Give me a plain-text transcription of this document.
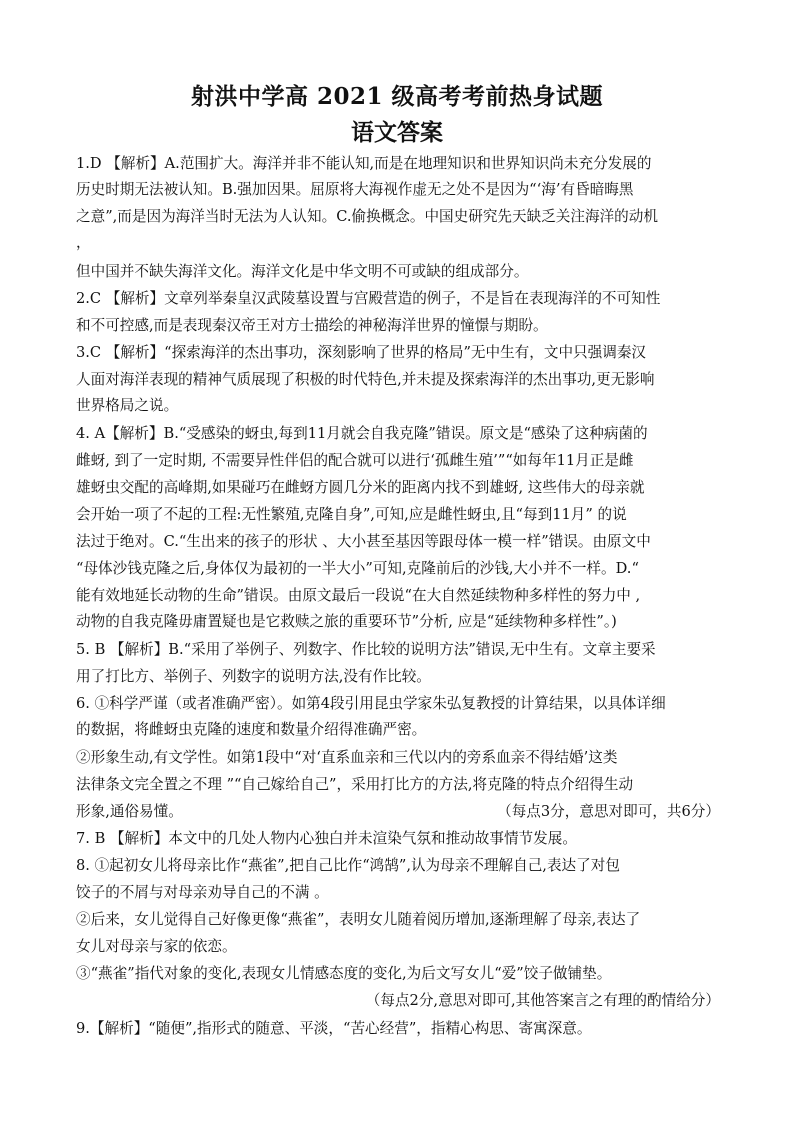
射洪中学高 2021 级高考考前热身试题
语文答案

1.D 【解析】A.范围扩大。海洋并非不能认知,而是在地理知识和世界知识尚未充分发展的

历史时期无法被认知。B.强加因果。屈原将大海视作虚无之处不是因为“‘海’有昏暗晦黑

之意”,而是因为海洋当时无法为人认知。C.偷换概念。中国史研究先天缺乏关注海洋的动机

，

但中国并不缺失海洋文化。海洋文化是中华文明不可或缺的组成部分。

2.C 【解析】文章列举秦皇汉武陵墓设置与宫殿营造的例子，不是旨在表现海洋的不可知性

和不可控感,而是表现秦汉帝王对方士描绘的神秘海洋世界的憧憬与期盼。

3.C 【解析】“探索海洋的杰出事功，深刻影响了世界的格局”无中生有，文中只强调秦汉

人面对海洋表现的精神气质展现了积极的时代特色,并未提及探索海洋的杰出事功,更无影响

世界格局之说。

4. A【解析】B.“受感染的蚜虫,每到11月就会自我克隆”错误。原文是“感染了这种病菌的

雌蚜, 到了一定时期, 不需要异性伴侣的配合就可以进行‘孤雌生殖’”“如每年11月正是雌

雄蚜虫交配的高峰期,如果碰巧在雌蚜方圆几分米的距离内找不到雄蚜, 这些伟大的母亲就

会开始一项了不起的工程:无性繁殖,克隆自身”,可知,应是雌性蚜虫,且“每到11月” 的说

法过于绝对。C.“生出来的孩子的形状 、大小甚至基因等跟母体一模一样”错误。由原文中

“母体沙钱克隆之后,身体仅为最初的一半大小”可知,克隆前后的沙钱,大小并不一样。D.“

能有效地延长动物的生命”错误。由原文最后一段说“在大自然延续物种多样性的努力中 ,

动物的自我克隆毋庸置疑也是它救赎之旅的重要环节”分析, 应是“延续物种多样性”。)

5. B 【解析】B.“采用了举例子、列数字、作比较的说明方法”错误,无中生有。文章主要采

用了打比方、举例子、列数字的说明方法,没有作比较。

6. ①科学严谨（或者准确严密）。如第4段引用昆虫学家朱弘复教授的计算结果，以具体详细

的数据，将雌蚜虫克隆的速度和数量介绍得准确严密。

②形象生动,有文学性。如第1段中“对‘直系血亲和三代以内的旁系血亲不得结婚’这类

法律条文完全置之不理 ”“自己嫁给自己”，采用打比方的方法,将克隆的特点介绍得生动

形象,通俗易懂。	（每点3分，意思对即可，共6分）

7. B 【解析】本文中的几处人物内心独白并未渲染气氛和推动故事情节发展。

8. ①起初女儿将母亲比作“燕雀”,把自己比作“鸿鹄”,认为母亲不理解自己,表达了对包

饺子的不屑与对母亲劝导自己的不满 。

②后来，女儿觉得自己好像更像“燕雀”，表明女儿随着阅历增加,逐渐理解了母亲,表达了

女儿对母亲与家的依恋。

③“燕雀”指代对象的变化,表现女儿情感态度的变化,为后文写女儿“爱”饺子做铺垫。

（每点2分,意思对即可,其他答案言之有理的酌情给分）

9.【解析】“随便”,指形式的随意、平淡，“苦心经营”，指精心构思、寄寓深意。
